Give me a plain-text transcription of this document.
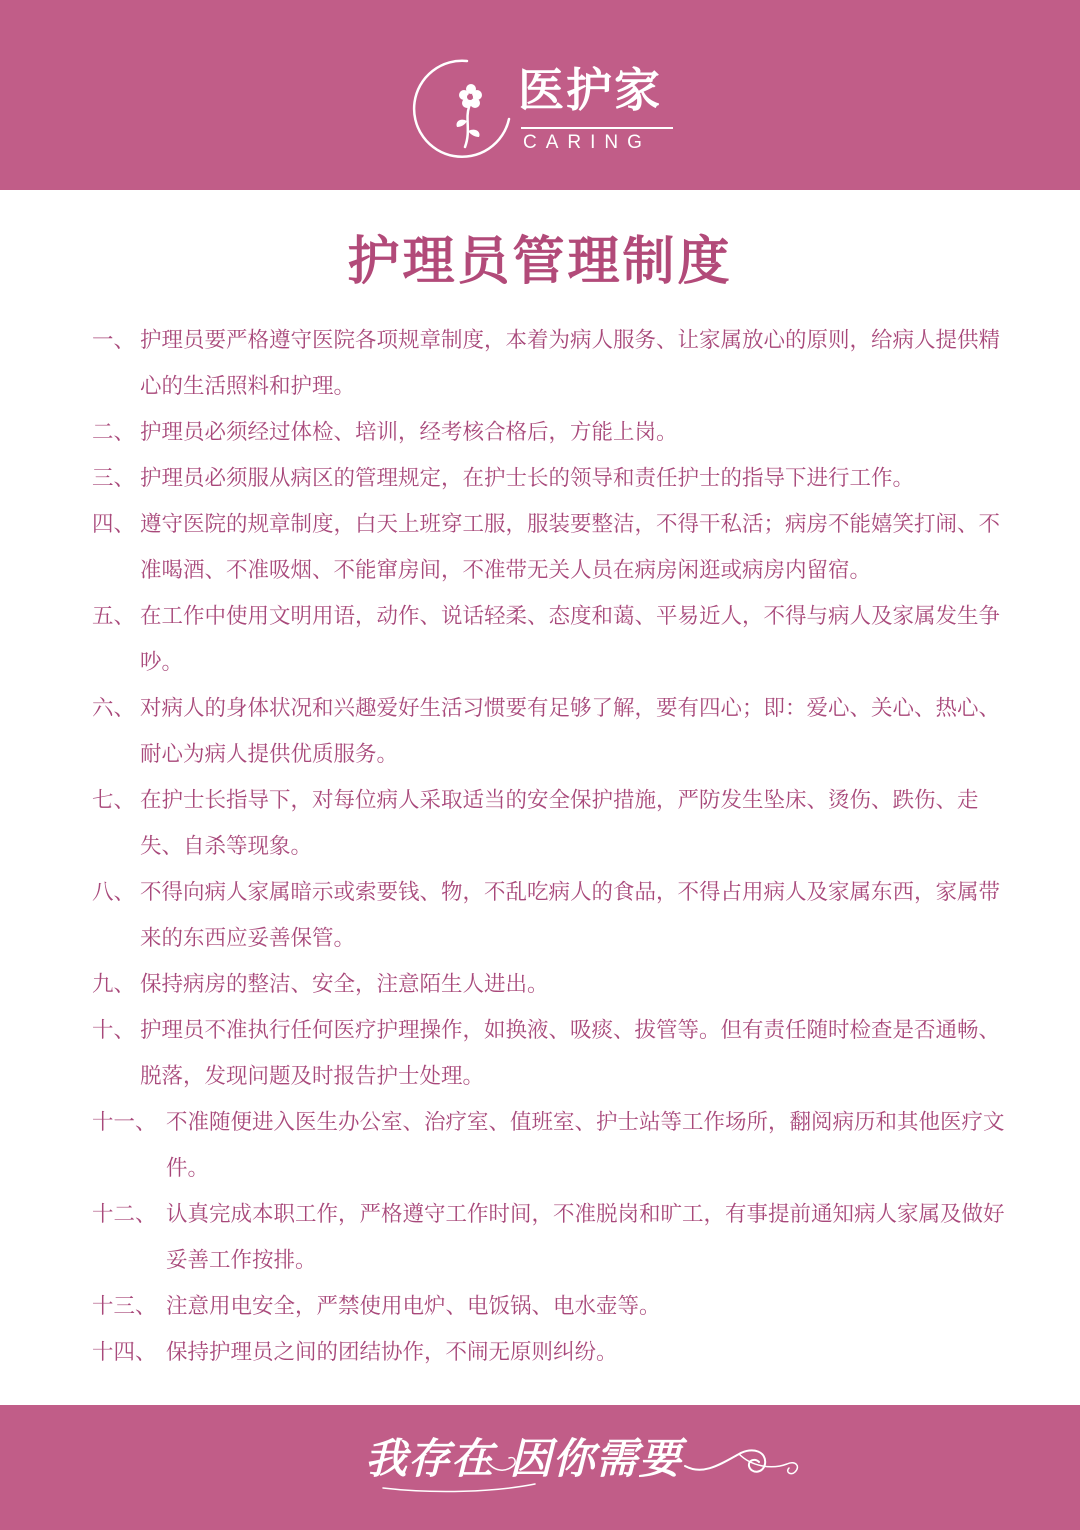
医护家
CARING
护理员管理制度
一、 护理员要严格遵守医院各项规章制度，本着为病人服务、让家属放心的原则，给病人提供精心的生活照料和护理。
二、 护理员必须经过体检、培训，经考核合格后，方能上岗。
三、 护理员必须服从病区的管理规定，在护士长的领导和责任护士的指导下进行工作。
四、 遵守医院的规章制度，白天上班穿工服，服装要整洁，不得干私活；病房不能嬉笑打闹、不准喝酒、不准吸烟、不能窜房间，不准带无关人员在病房闲逛或病房内留宿。
五、 在工作中使用文明用语，动作、说话轻柔、态度和蔼、平易近人，不得与病人及家属发生争吵。
六、 对病人的身体状况和兴趣爱好生活习惯要有足够了解，要有四心；即：爱心、关心、热心、耐心为病人提供优质服务。
七、 在护士长指导下，对每位病人采取适当的安全保护措施，严防发生坠床、烫伤、跌伤、走失、自杀等现象。
八、 不得向病人家属暗示或索要钱、物，不乱吃病人的食品，不得占用病人及家属东西，家属带来的东西应妥善保管。
九、 保持病房的整洁、安全，注意陌生人进出。
十、 护理员不准执行任何医疗护理操作，如换液、吸痰、拔管等。但有责任随时检查是否通畅、脱落，发现问题及时报告护士处理。
十一、 不准随便进入医生办公室、治疗室、值班室、护士站等工作场所，翻阅病历和其他医疗文件。
十二、 认真完成本职工作，严格遵守工作时间，不准脱岗和旷工，有事提前通知病人家属及做好妥善工作按排。
十三、 注意用电安全，严禁使用电炉、电饭锅、电水壶等。
十四、 保持护理员之间的团结协作，不闹无原则纠纷。
我存在 因你需要
